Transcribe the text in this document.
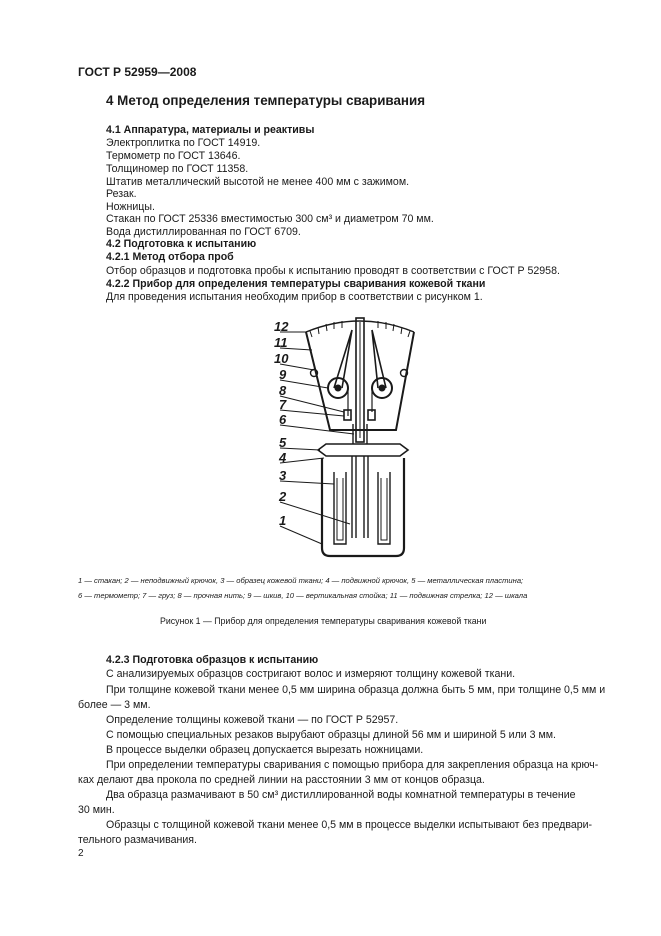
ГОСТ Р 52959—2008
4 Метод определения температуры сваривания
4.1 Аппаратура, материалы и реактивы
Электроплитка по ГОСТ 14919.
Термометр по ГОСТ 13646.
Толщиномер по ГОСТ 11358.
Штатив металлический высотой не менее 400 мм с зажимом.
Резак.
Ножницы.
Стакан по ГОСТ 25336 вместимостью 300 см³ и диаметром 70 мм.
Вода дистиллированная по ГОСТ 6709.
4.2 Подготовка к испытанию
4.2.1 Метод отбора проб
Отбор образцов и подготовка пробы к испытанию проводят в соответствии с ГОСТ Р 52958.
4.2.2 Прибор для определения температуры сваривания кожевой ткани
Для проведения испытания необходим прибор в соответствии с рисунком 1.
12
11
10
9
8
7
6
5
4
3
2
1
1 — стакан; 2 — неподвижный крючок, 3 — образец кожевой ткани; 4 — подвижной крючок, 5 — металлическая пластина;
6 — термометр; 7 — груз; 8 — прочная нить; 9 — шкив, 10 — вертикальная стойка; 11 — подвижная стрелка; 12 — шкала
Рисунок 1 — Прибор для определения температуры сваривания кожевой ткани
4.2.3 Подготовка образцов к испытанию
С анализируемых образцов состригают волос и измеряют толщину кожевой ткани.
При толщине кожевой ткани менее 0,5 мм ширина образца должна быть 5 мм, при толщине 0,5 мм и
более — 3 мм.
Определение толщины кожевой ткани — по ГОСТ Р 52957.
С помощью специальных резаков вырубают образцы длиной 56 мм и шириной 5 или 3 мм.
В процессе выделки образец допускается вырезать ножницами.
При определении температуры сваривания с помощью прибора для закрепления образца на крюч-
ках делают два прокола по средней линии на расстоянии 3 мм от концов образца.
Два образца размачивают в 50 см³ дистиллированной воды комнатной температуры в течение
30 мин.
Образцы с толщиной кожевой ткани менее 0,5 мм в процессе выделки испытывают без предвари-
тельного размачивания.
2
